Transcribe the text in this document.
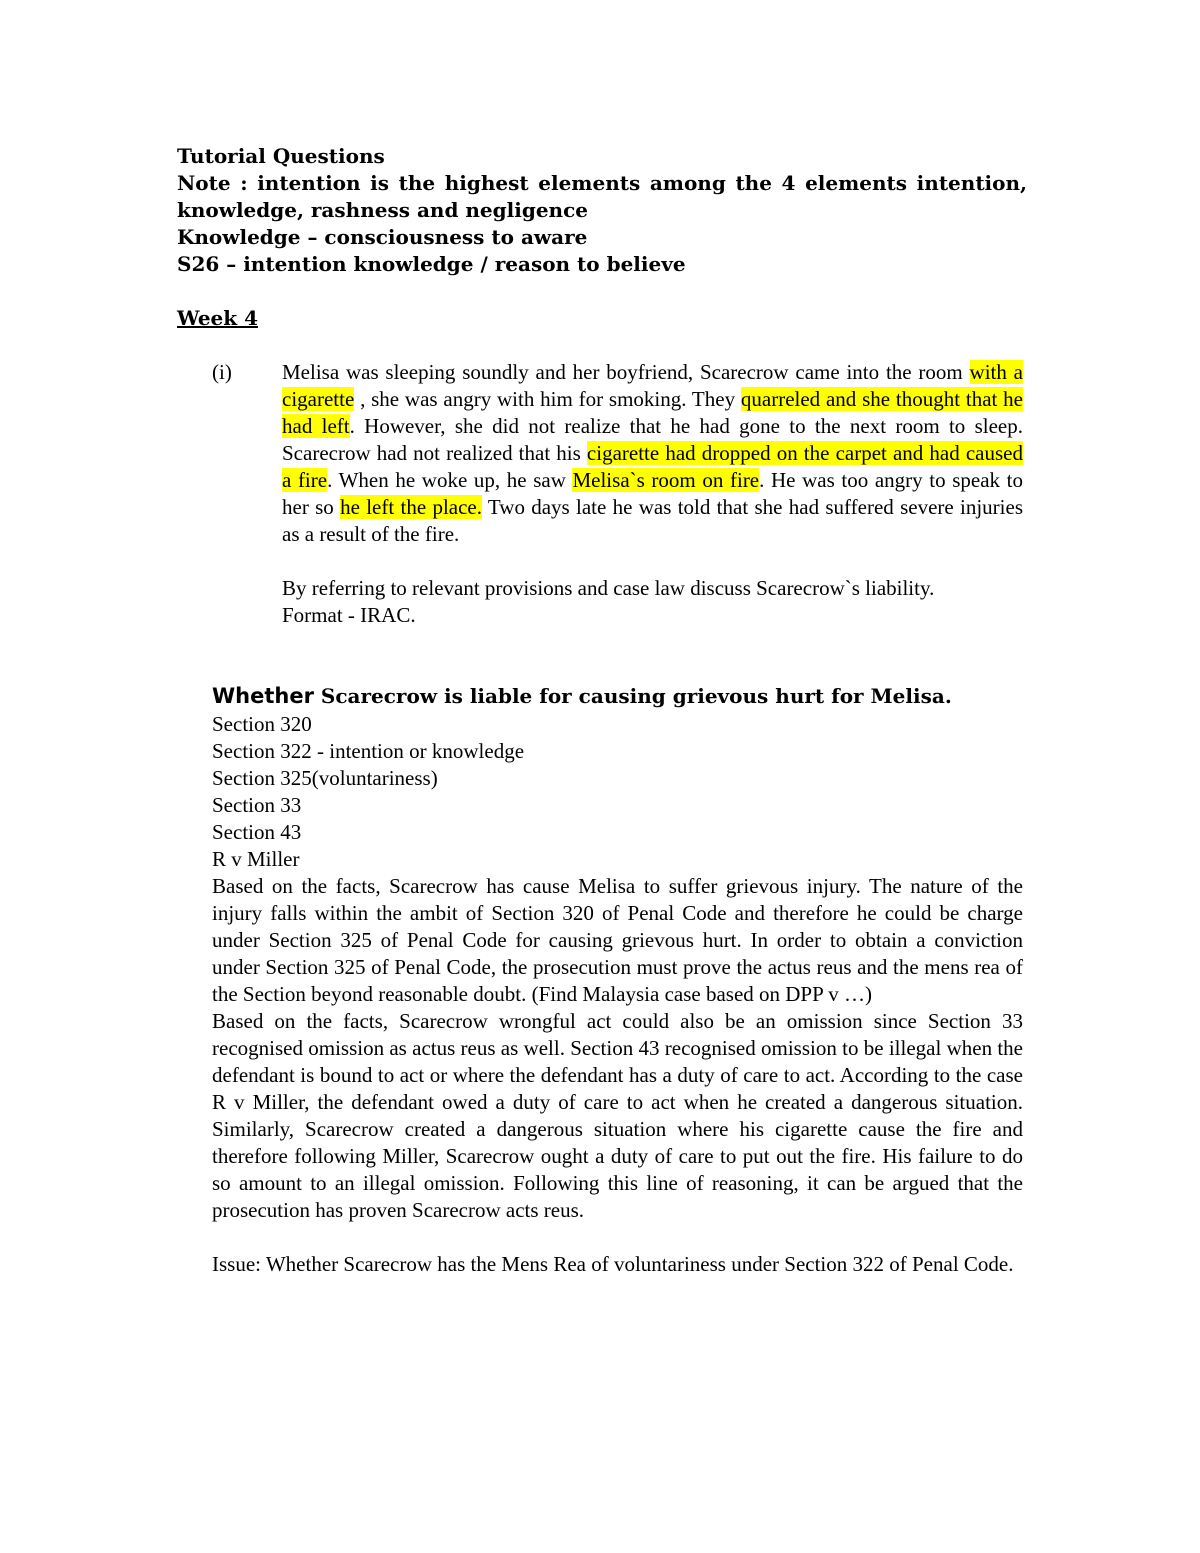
Tutorial Questions

Note : intention is the highest elements among the 4 elements intention, knowledge, rashness and negligence

Knowledge – consciousness to aware

S26 – intention knowledge / reason to believe

Week 4
(i) Melisa was sleeping soundly and her boyfriend, Scarecrow came into the room with a cigarette , she was angry with him for smoking. They quarreled and she thought that he had left. However, she did not realize that he had gone to the next room to sleep. Scarecrow had not realized that his cigarette had dropped on the carpet and had caused a fire. When he woke up, he saw Melisa`s room on fire. He was too angry to speak to her so he left the place. Two days late he was told that she had suffered severe injuries as a result of the fire.

By referring to relevant provisions and case law discuss Scarecrow`s liability.
Format - IRAC.

Whether Scarecrow is liable for causing grievous hurt for Melisa.

Section 320

Section 322 - intention or knowledge

Section 325(voluntariness)

Section 33

Section 43

R v Miller

Based on the facts, Scarecrow has cause Melisa to suffer grievous injury. The nature of the injury falls within the ambit of Section 320 of Penal Code and therefore he could be charge under Section 325 of Penal Code for causing grievous hurt. In order to obtain a conviction under Section 325 of Penal Code, the prosecution must prove the actus reus and the mens rea of the Section beyond reasonable doubt. (Find Malaysia case based on DPP v …)

Based on the facts, Scarecrow wrongful act could also be an omission since Section 33 recognised omission as actus reus as well. Section 43 recognised omission to be illegal when the defendant is bound to act or where the defendant has a duty of care to act. According to the case R v Miller, the defendant owed a duty of care to act when he created a dangerous situation. Similarly, Scarecrow created a dangerous situation where his cigarette cause the fire and therefore following Miller, Scarecrow ought a duty of care to put out the fire. His failure to do so amount to an illegal omission. Following this line of reasoning, it can be argued that the prosecution has proven Scarecrow acts reus.

Issue: Whether Scarecrow has the Mens Rea of voluntariness under Section 322 of Penal Code.
